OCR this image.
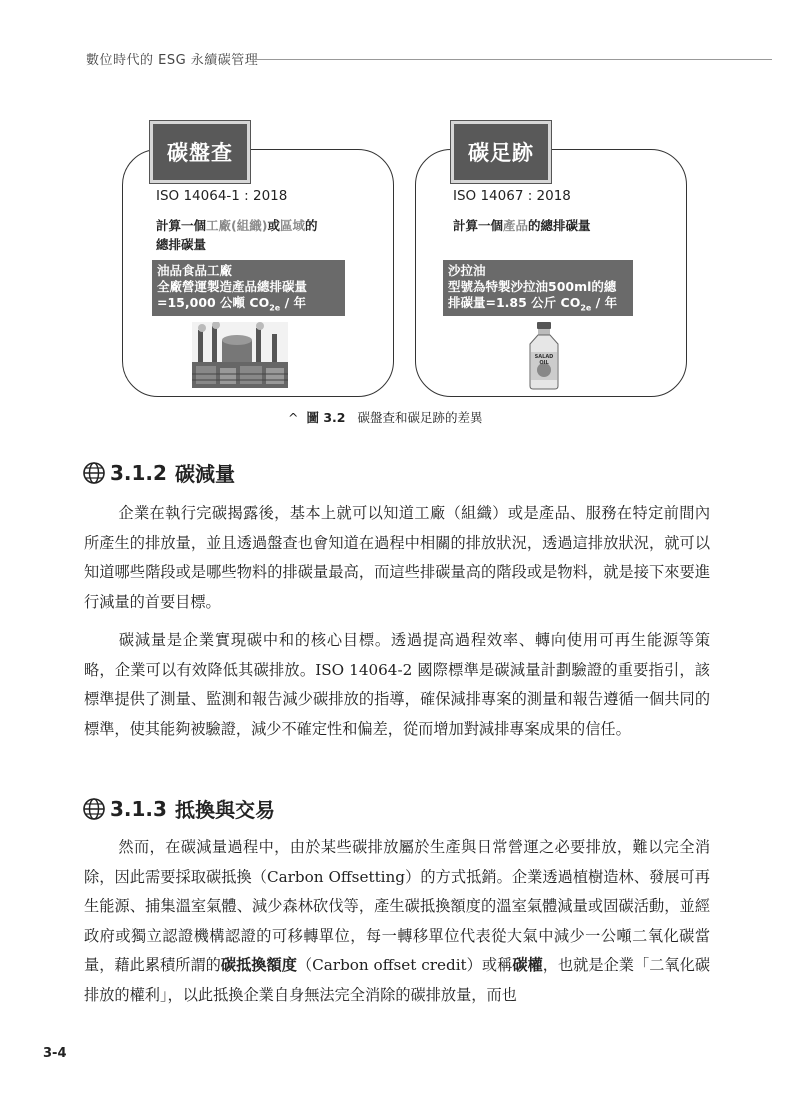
數位時代的 ESG 永續碳管理
碳盤查
ISO 14064-1 : 2018
計算一個工廠(組織)或區域的
總排碳量
油品食品工廠
全廠營運製造產品總排碳量
=15,000 公噸 $CO_{2e}$ / 年
碳足跡
ISO 14067 : 2018
計算一個產品的總排碳量
沙拉油
型號為特製沙拉油500ml的總
排碳量=1.85 公斤 $CO_{2e}$ / 年
SALAD
OIL
^ 圖 3.2 碳盤查和碳足跡的差異
3.1.2 碳減量

企業在執行完碳揭露後，基本上就可以知道工廠（組織）或是產品、服務在特定前間內所產生的排放量，並且透過盤查也會知道在過程中相關的排放狀況，透過這排放狀況，就可以知道哪些階段或是哪些物料的排碳量最高，而這些排碳量高的階段或是物料，就是接下來要進行減量的首要目標。

碳減量是企業實現碳中和的核心目標。透過提高過程效率、轉向使用可再生能源等策略，企業可以有效降低其碳排放。ISO 14064-2 國際標準是碳減量計劃驗證的重要指引，該標準提供了測量、監測和報告減少碳排放的指導，確保減排專案的測量和報告遵循一個共同的標準，使其能夠被驗證，減少不確定性和偏差，從而增加對減排專案成果的信任。

3.1.3 抵換與交易

然而，在碳減量過程中，由於某些碳排放屬於生產與日常營運之必要排放，難以完全消除，因此需要採取碳抵換（Carbon Offsetting）的方式抵銷。企業透過植樹造林、發展可再生能源、捕集溫室氣體、減少森林砍伐等，產生碳抵換額度的溫室氣體減量或固碳活動，並經政府或獨立認證機構認證的可移轉單位，每一轉移單位代表從大氣中減少一公噸二氧化碳當量，藉此累積所謂的碳抵換額度（Carbon offset credit）或稱碳權，也就是企業「二氧化碳排放的權利」，以此抵換企業自身無法完全消除的碳排放量，而也

3-4
